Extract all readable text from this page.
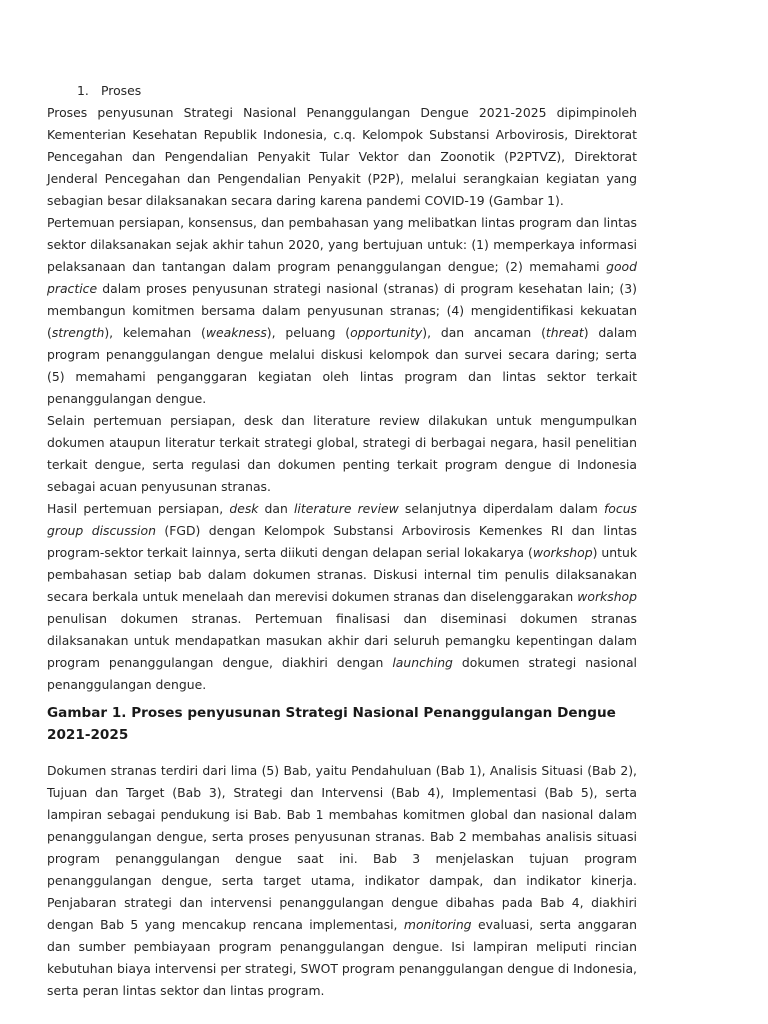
1. Proses

Proses penyusunan Strategi Nasional Penanggulangan Dengue 2021-2025 dipimpinoleh Kementerian Kesehatan Republik Indonesia, c.q. Kelompok Substansi Arbovirosis, Direktorat Pencegahan dan Pengendalian Penyakit Tular Vektor dan Zoonotik (P2PTVZ), Direktorat Jenderal Pencegahan dan Pengendalian Penyakit (P2P), melalui serangkaian kegiatan yang sebagian besar dilaksanakan secara daring karena pandemi COVID-19 (Gambar 1).

Pertemuan persiapan, konsensus, dan pembahasan yang melibatkan lintas program dan lintas sektor dilaksanakan sejak akhir tahun 2020, yang bertujuan untuk: (1) memperkaya informasi pelaksanaan dan tantangan dalam program penanggulangan dengue; (2) memahami good practice dalam proses penyusunan strategi nasional (stranas) di program kesehatan lain; (3) membangun komitmen bersama dalam penyusunan stranas; (4) mengidentifikasi kekuatan (strength), kelemahan (weakness), peluang (opportunity), dan ancaman (threat) dalam program penanggulangan dengue melalui diskusi kelompok dan survei secara daring; serta (5) memahami penganggaran kegiatan oleh lintas program dan lintas sektor terkait penanggulangan dengue.

Selain pertemuan persiapan, desk dan literature review dilakukan untuk mengumpulkan dokumen ataupun literatur terkait strategi global, strategi di berbagai negara, hasil penelitian terkait dengue, serta regulasi dan dokumen penting terkait program dengue di Indonesia sebagai acuan penyusunan stranas.

Hasil pertemuan persiapan, desk dan literature review selanjutnya diperdalam dalam focus group discussion (FGD) dengan Kelompok Substansi Arbovirosis Kemenkes RI dan lintas program-sektor terkait lainnya, serta diikuti dengan delapan serial lokakarya (workshop) untuk pembahasan setiap bab dalam dokumen stranas. Diskusi internal tim penulis dilaksanakan secara berkala untuk menelaah dan merevisi dokumen stranas dan diselenggarakan workshop penulisan dokumen stranas. Pertemuan finalisasi dan diseminasi dokumen stranas dilaksanakan untuk mendapatkan masukan akhir dari seluruh pemangku kepentingan dalam program penanggulangan dengue, diakhiri dengan launching dokumen strategi nasional penanggulangan dengue.

Gambar 1. Proses penyusunan Strategi Nasional Penanggulangan Dengue 2021-2025

Dokumen stranas terdiri dari lima (5) Bab, yaitu Pendahuluan (Bab 1), Analisis Situasi (Bab 2), Tujuan dan Target (Bab 3), Strategi dan Intervensi (Bab 4), Implementasi (Bab 5), serta lampiran sebagai pendukung isi Bab. Bab 1 membahas komitmen global dan nasional dalam penanggulangan dengue, serta proses penyusunan stranas. Bab 2 membahas analisis situasi program penanggulangan dengue saat ini. Bab 3 menjelaskan tujuan program penanggulangan dengue, serta target utama, indikator dampak, dan indikator kinerja. Penjabaran strategi dan intervensi penanggulangan dengue dibahas pada Bab 4, diakhiri dengan Bab 5 yang mencakup rencana implementasi, monitoring evaluasi, serta anggaran dan sumber pembiayaan program penanggulangan dengue. Isi lampiran meliputi rincian kebutuhan biaya intervensi per strategi, SWOT program penanggulangan dengue di Indonesia, serta peran lintas sektor dan lintas program.
